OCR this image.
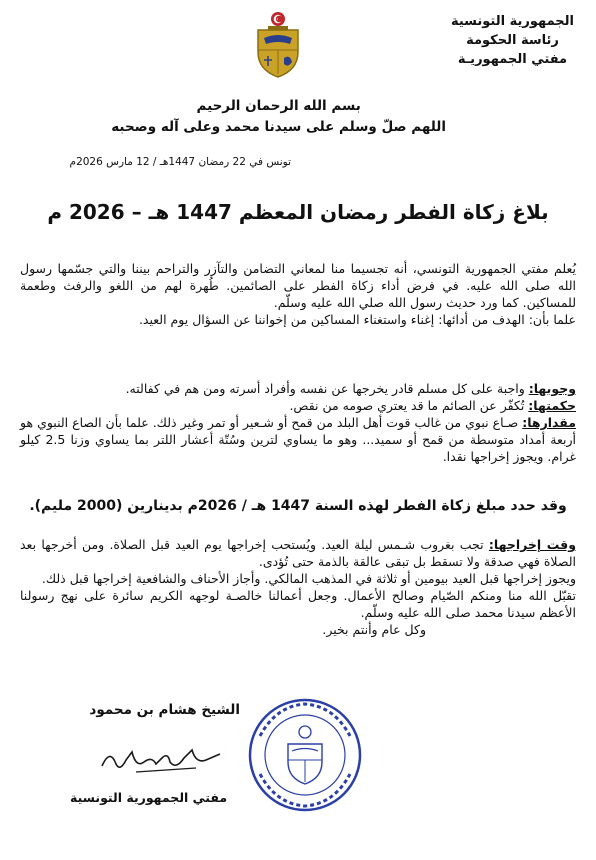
الجمهورية التونسية
رئاسة الحكومة
مفتي الجمهوريـة
بسم الله الرحمان الرحيم
اللهم صلّ وسلم على سيدنا محمد وعلى آله وصحبه
تونس في 22 رمضان 1447هـ / 12 مارس 2026م
بلاغ زكاة الفطر رمضان المعظم 1447 هـ – 2026 م
يُعلم مفتي الجمهورية التونسي، أنه تجسيما منا لمعاني التضامن والتآزر والتراحم بيننا والتي جسّمها رسول الله صلى الله عليه. في فرض أداء زكاة الفطر على الصائمين. طُهرة لهم من اللغو والرفث وطعمة للمساكين. كما ورد حديث رسول الله صلي الله عليه وسلّم.
علما بأن: الهدف من أدائها: إغناء واستغناء المساكين من إخواننا عن السؤال يوم العيد.
وجوبها: واجبة على كل مسلم قادر يخرجها عن نفسه وأفراد أسرته ومن هم في كفالته.
حكمتها: تُكفّر عن الصائم ما قد يعتري صومه من نقص.
مقدارها: صـاع نبوي من غالب قوت أهل البلد من قمح أو شـعير أو تمر وغير ذلك. علما بأن الصاع النبوي هو أربعة أمداد متوسطة من قمح أو سميد... وهو ما يساوي لترين وسُتّة أعشار اللتر بما يساوي وزنا 2.5 كيلو غرام. ويجوز إخراجها نقدا.
وقد حدد مبلغ زكاة الفطر لهذه السنة 1447 هـ / 2026م بدينارين (2000 مليم).
وقت إخراجها: تجب بغروب شـمس ليلة العيد. ويُستحب إخراجها يوم العيد قبل الصلاة. ومن أخرجها بعد الصلاة فهي صدقة ولا تسقط بل تبقى عالقة بالذمة حتى تُؤدى.
ويجوز إخراجها قبل العيد بيومين أو ثلاثة في المذهب المالكي. وأجاز الأحناف والشافعية إخراجها قبل ذلك.
تقبّل الله منا ومنكم الصّيام وصالح الأعمال. وجعل أعمالنا خالصـة لوجهه الكريم سائرة على نهج رسولنا الأعظم سيدنا محمد صلى الله عليه وسلّم.
وكل عام وأنتم بخير.
الشيخ هشام بن محمود
مفتي الجمهورية التونسية
